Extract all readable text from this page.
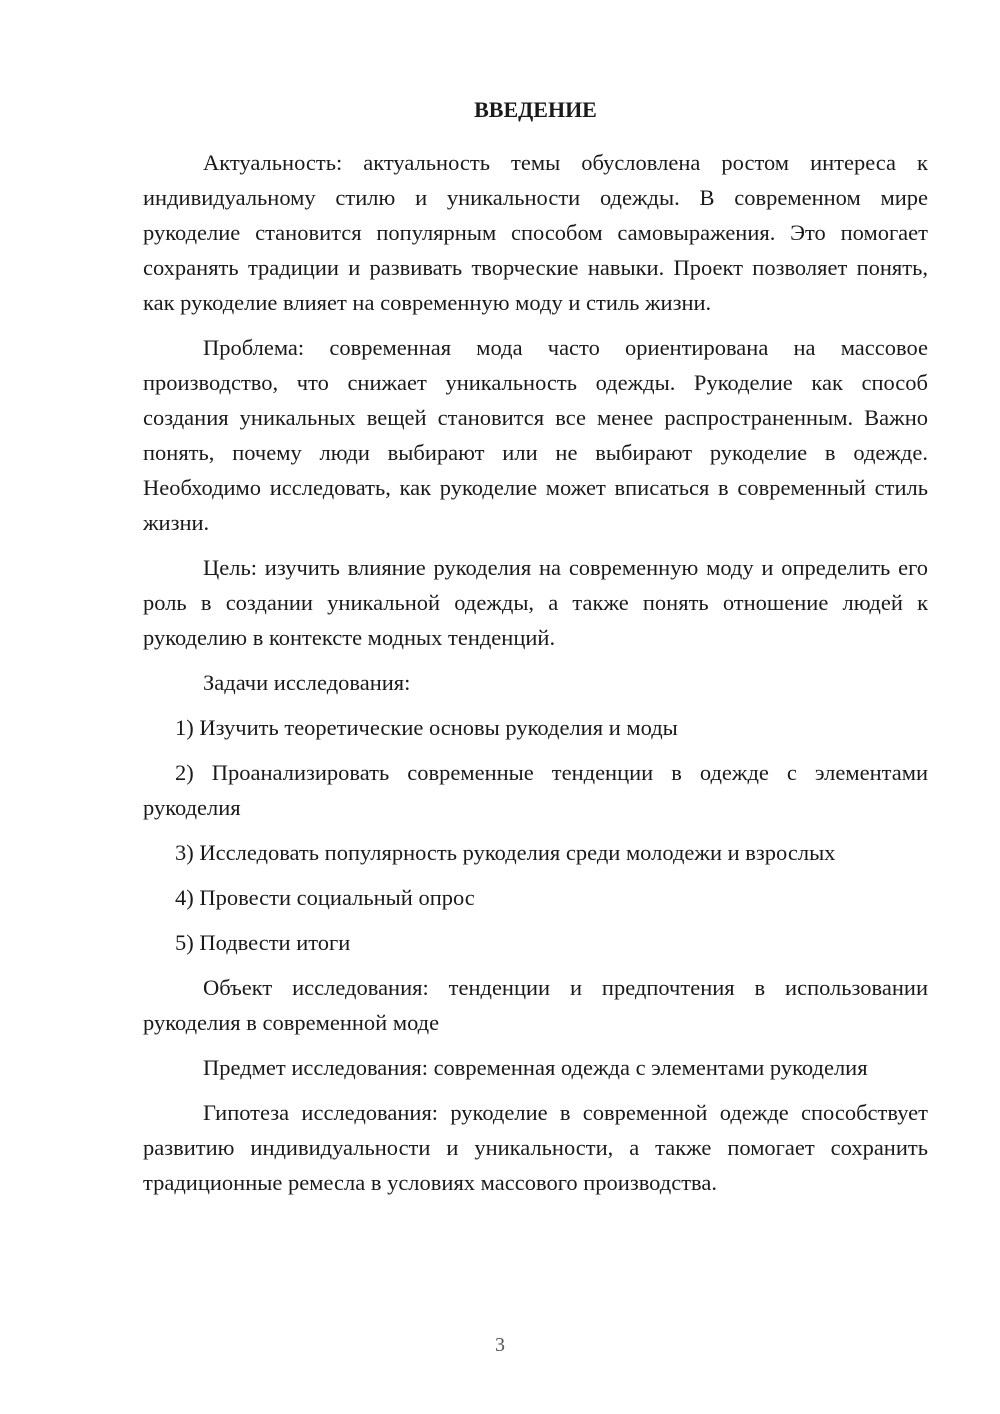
ВВЕДЕНИЕ

Актуальность: актуальность темы обусловлена ростом интереса к индивидуальному стилю и уникальности одежды. В современном мире рукоделие становится популярным способом самовыражения. Это помогает сохранять традиции и развивать творческие навыки. Проект позволяет понять, как рукоделие влияет на современную моду и стиль жизни.

Проблема: современная мода часто ориентирована на массовое производство, что снижает уникальность одежды. Рукоделие как способ создания уникальных вещей становится все менее распространенным. Важно понять, почему люди выбирают или не выбирают рукоделие в одежде. Необходимо исследовать, как рукоделие может вписаться в современный стиль жизни.

Цель: изучить влияние рукоделия на современную моду и определить его роль в создании уникальной одежды, а также понять отношение людей к рукоделию в контексте модных тенденций.

Задачи исследования:

1) Изучить теоретические основы рукоделия и моды

2) Проанализировать современные тенденции в одежде с элементами рукоделия

3) Исследовать популярность рукоделия среди молодежи и взрослых

4) Провести социальный опрос

5) Подвести итоги

Объект исследования: тенденции и предпочтения в использовании рукоделия в современной моде

Предмет исследования: современная одежда с элементами рукоделия

Гипотеза исследования: рукоделие в современной одежде способствует развитию индивидуальности и уникальности, а также помогает сохранить традиционные ремесла в условиях массового производства.

3
